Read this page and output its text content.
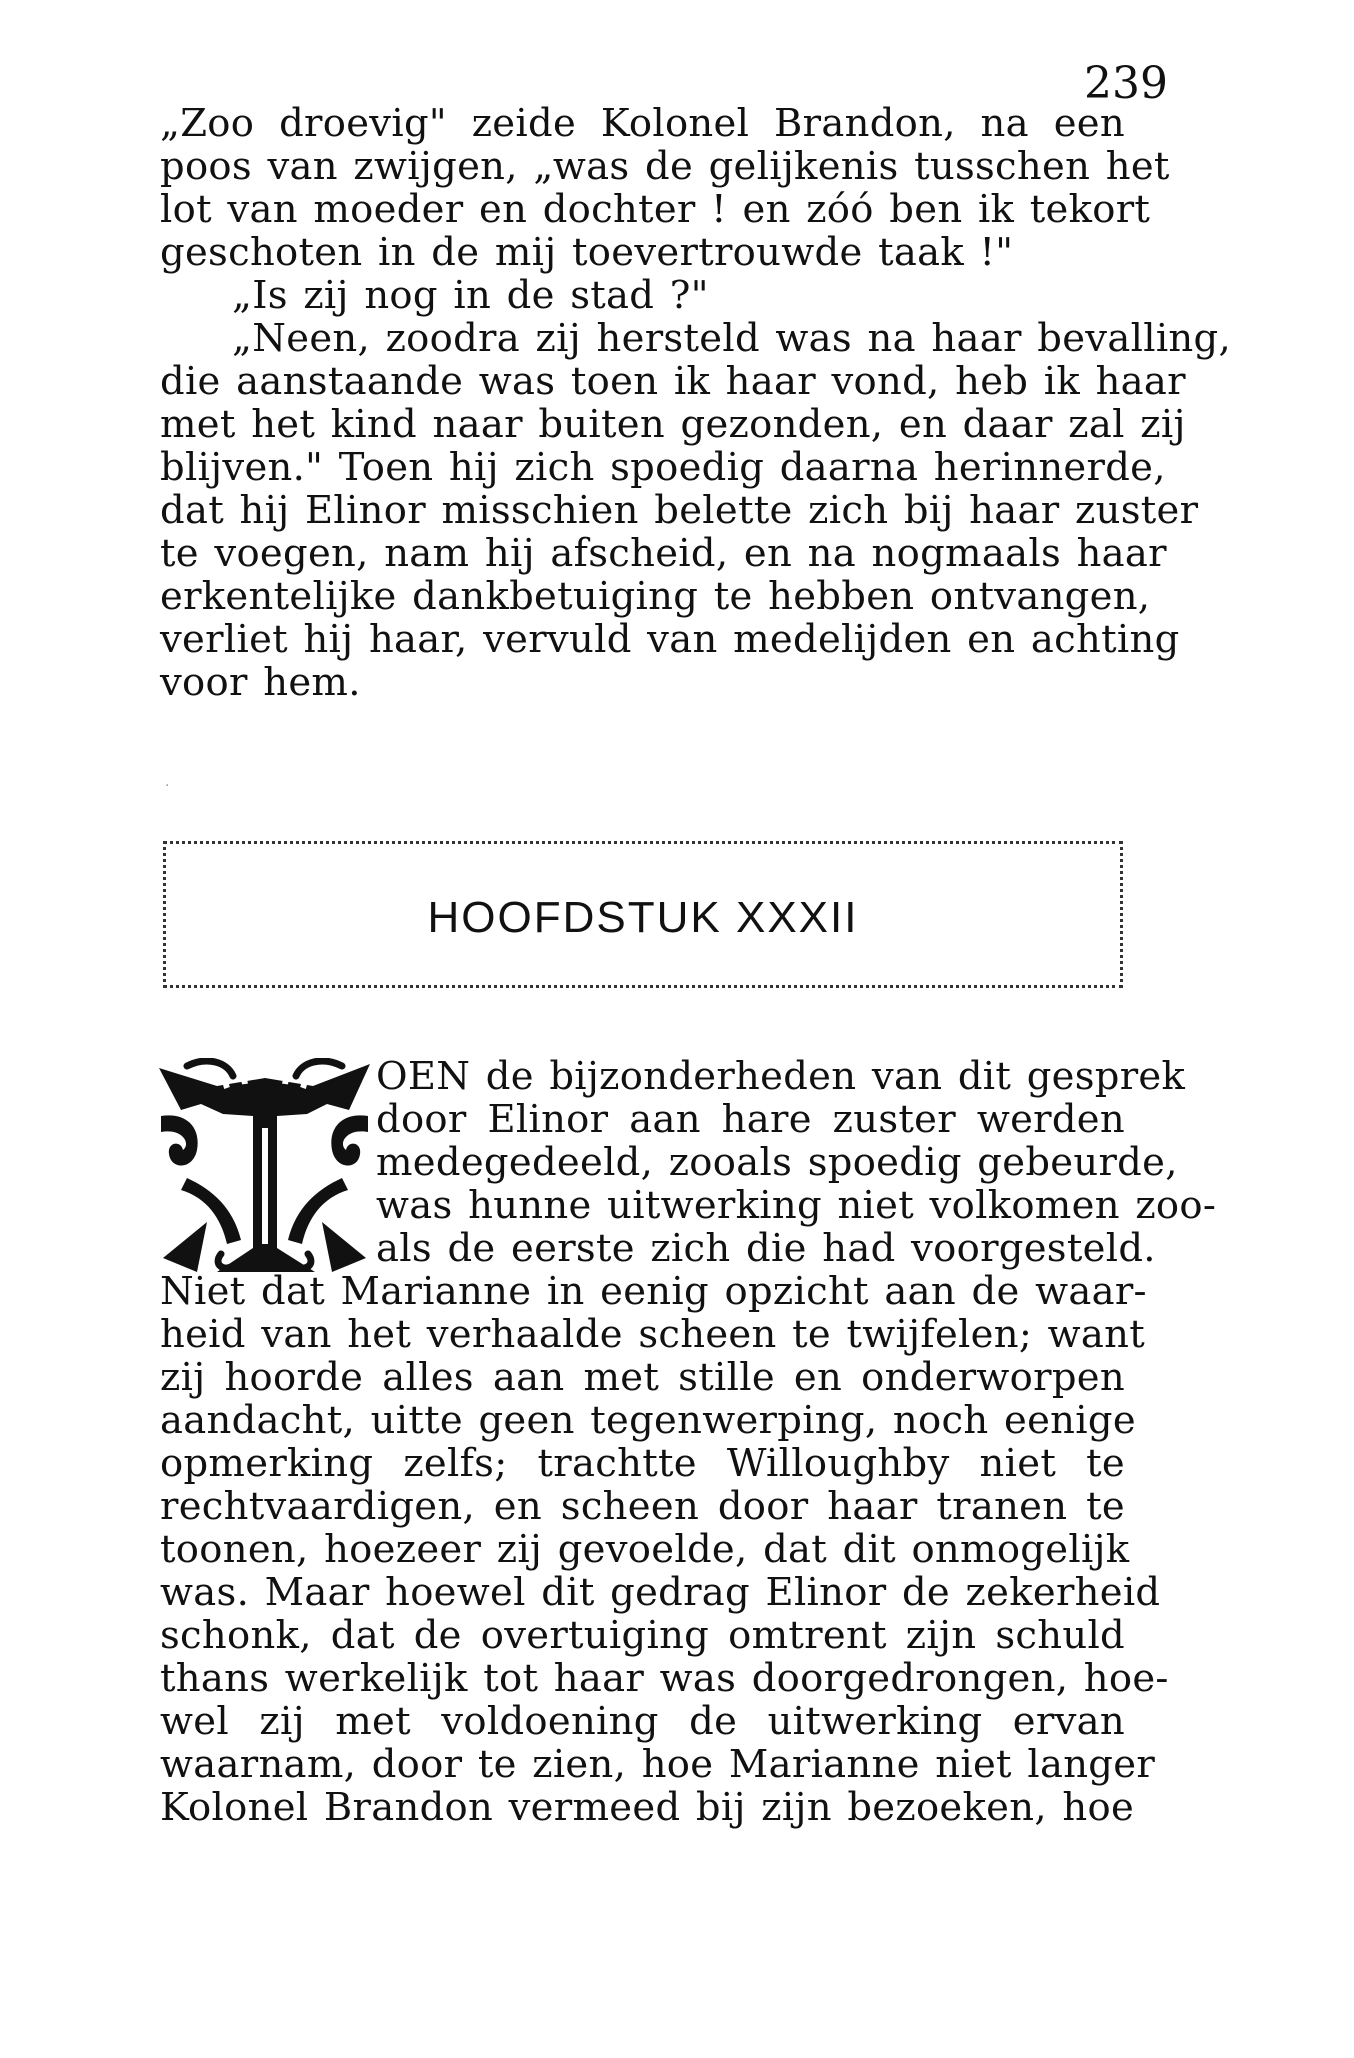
239
„Zoo droevig" zeide Kolonel Brandon, na een
poos van zwijgen, „was de gelijkenis tusschen het
lot van moeder en dochter ! en zóó ben ik tekort
geschoten in de mij toevertrouwde taak !"
„Is zij nog in de stad ?"
„Neen, zoodra zij hersteld was na haar bevalling,
die aanstaande was toen ik haar vond, heb ik haar
met het kind naar buiten gezonden, en daar zal zij
blijven." Toen hij zich spoedig daarna herinnerde,
dat hij Elinor misschien belette zich bij haar zuster
te voegen, nam hij afscheid, en na nogmaals haar
erkentelijke dankbetuiging te hebben ontvangen,
verliet hij haar, vervuld van medelijden en achting
voor hem.
·
HOOFDSTUK XXXII
OEN de bijzonderheden van dit gesprek
door Elinor aan hare zuster werden
medegedeeld, zooals spoedig gebeurde,
was hunne uitwerking niet volkomen zoo-
als de eerste zich die had voorgesteld.
Niet dat Marianne in eenig opzicht aan de waar-
heid van het verhaalde scheen te twijfelen; want
zij hoorde alles aan met stille en onderworpen
aandacht, uitte geen tegenwerping, noch eenige
opmerking zelfs; trachtte Willoughby niet te
rechtvaardigen, en scheen door haar tranen te
toonen, hoezeer zij gevoelde, dat dit onmogelijk
was. Maar hoewel dit gedrag Elinor de zekerheid
schonk, dat de overtuiging omtrent zijn schuld
thans werkelijk tot haar was doorgedrongen, hoe-
wel zij met voldoening de uitwerking ervan
waarnam, door te zien, hoe Marianne niet langer
Kolonel Brandon vermeed bij zijn bezoeken, hoe
